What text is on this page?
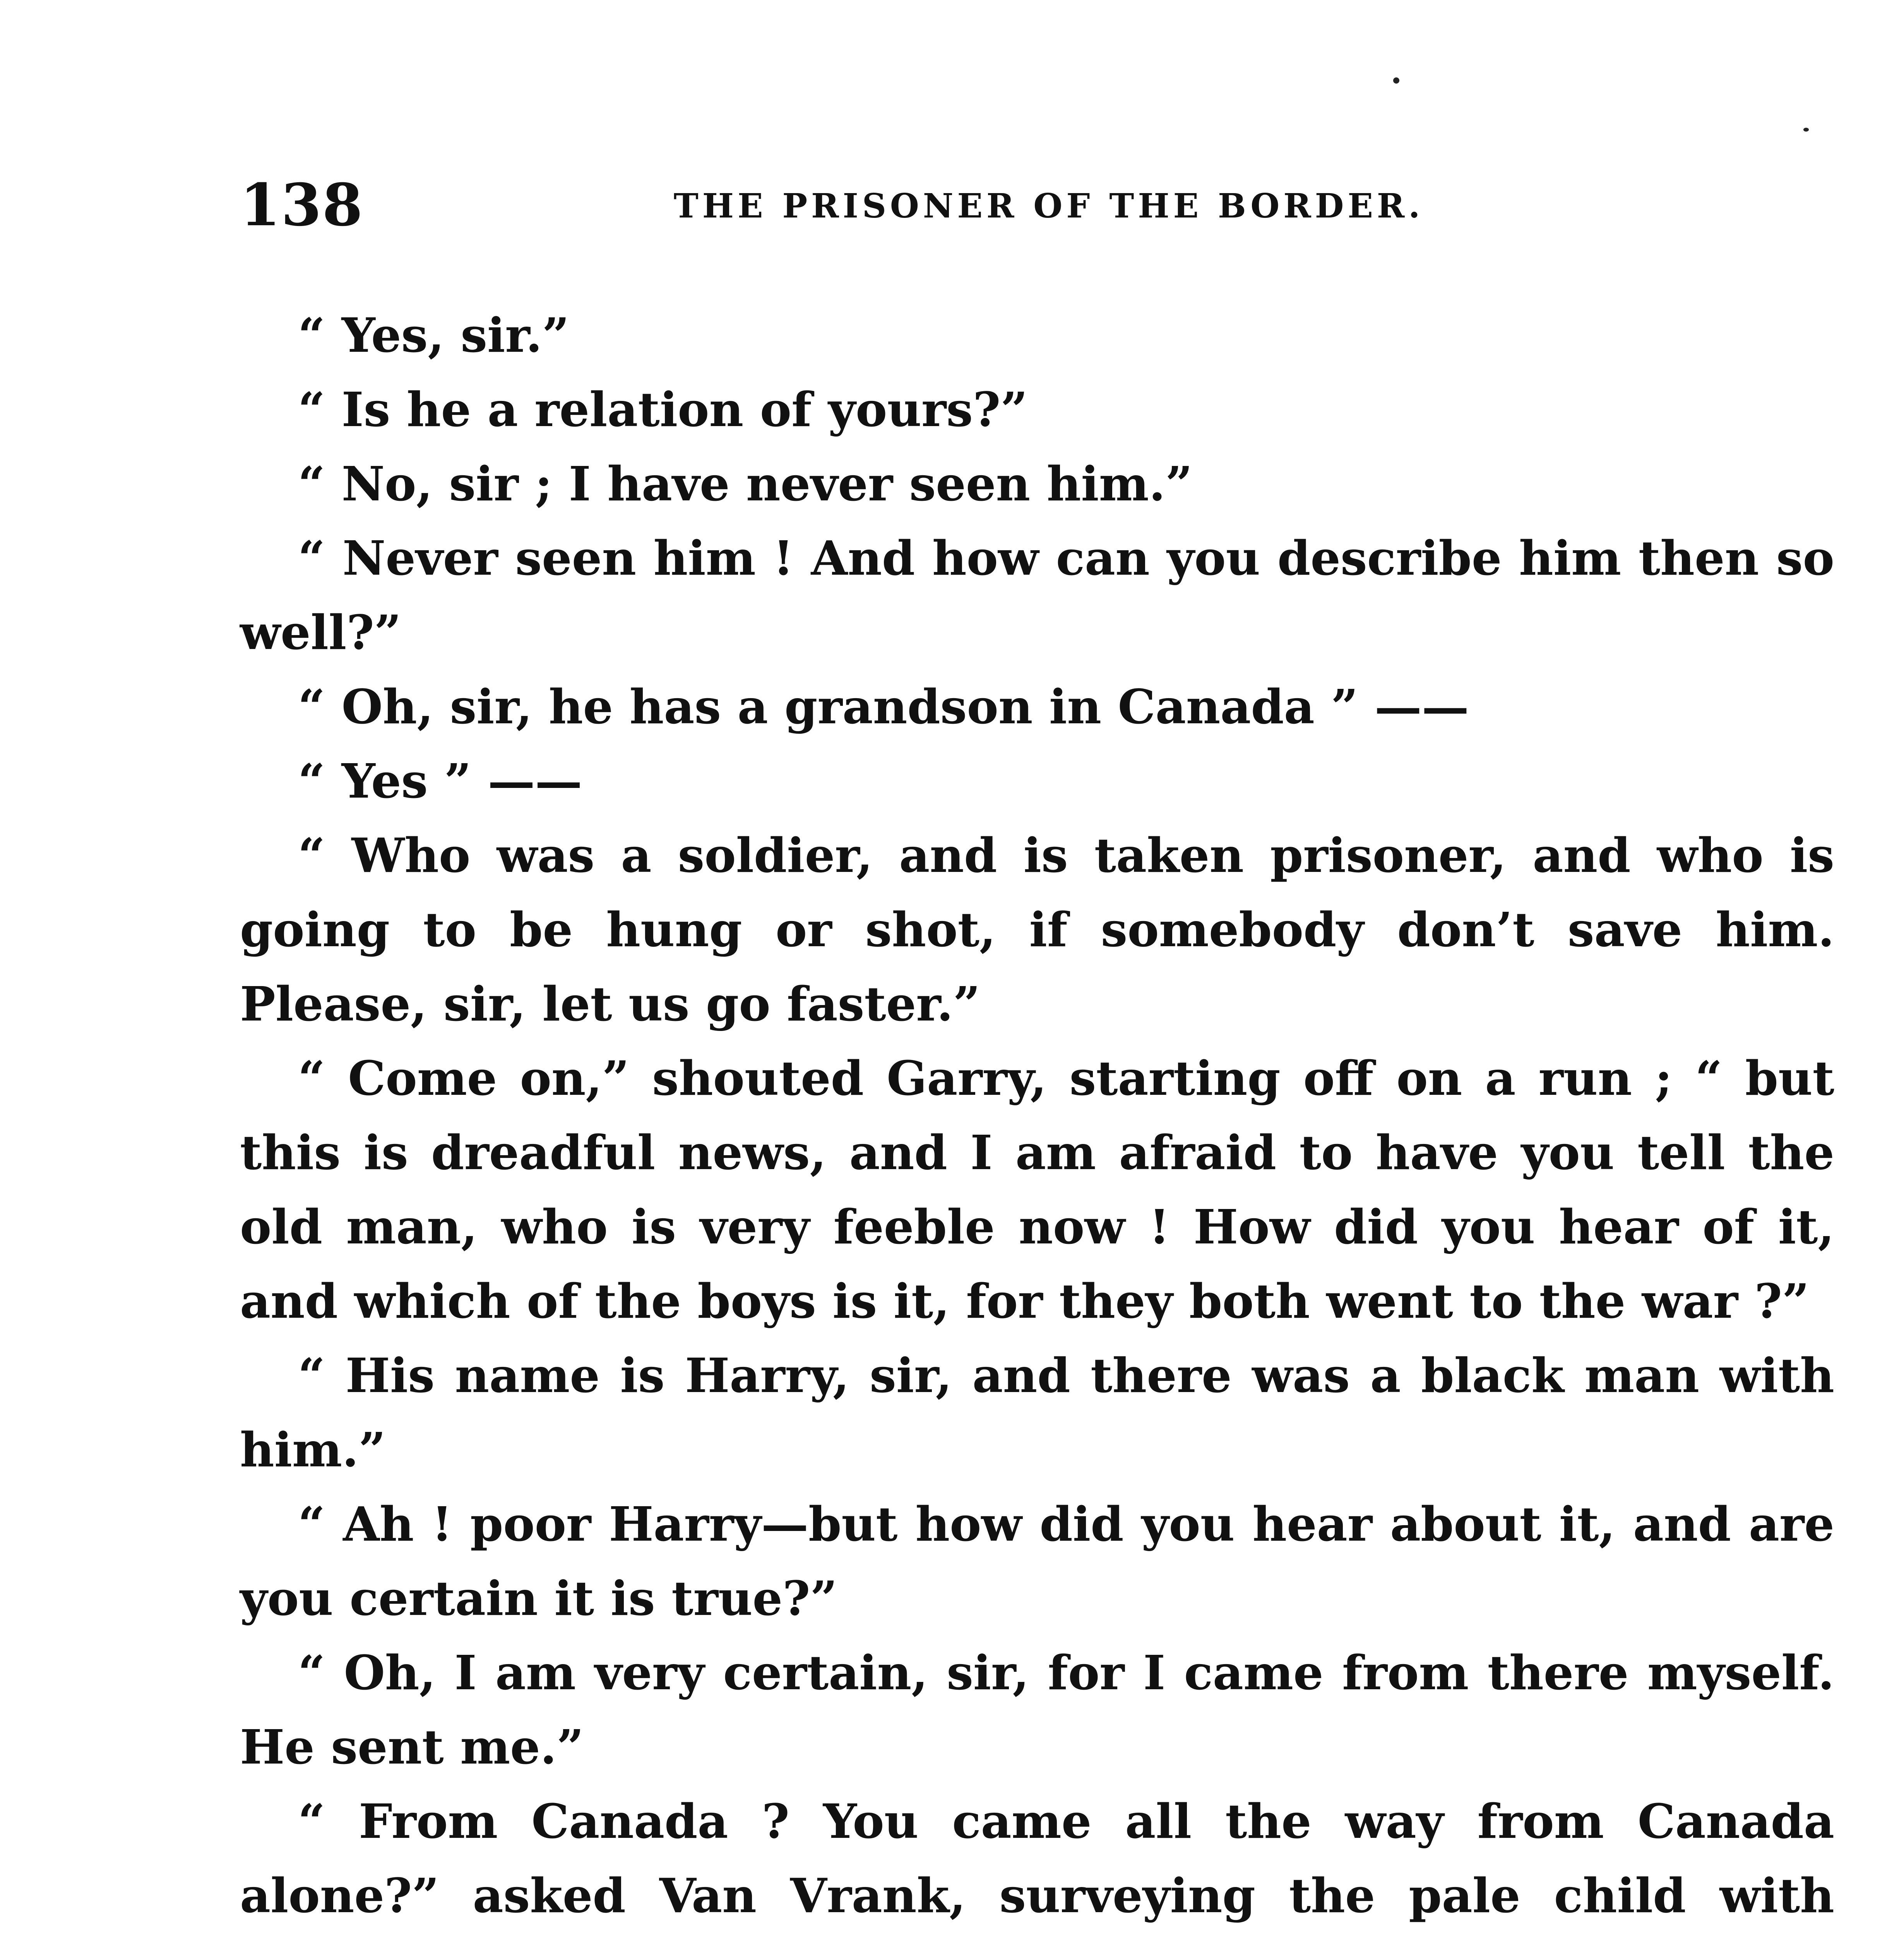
138	THE PRISONER OF THE BORDER.

“ Yes, sir.”

“ Is he a relation of yours?”

“ No, sir ; I have never seen him.”

“ Never seen him ! And how can you describe him then so well?”

“ Oh, sir, he has a grandson in Canada ” ——

“ Yes ” ——

“ Who was a soldier, and is taken prisoner, and who is going to be hung or shot, if somebody don’t save him. Please, sir, let us go faster.”

“ Come on,” shouted Garry, starting off on a run ; “ but this is dreadful news, and I am afraid to have you tell the old man, who is very feeble now ! How did you hear of it, and which of the boys is it, for they both went to the war ?”

“ His name is Harry, sir, and there was a black man with him.”

“ Ah ! poor Harry—but how did you hear about it, and are you certain it is true?”

“ Oh, I am very certain, sir, for I came from there myself. He sent me.”

“ From Canada ? You came all the way from Canada alone?” asked Van Vrank, surveying the pale child with
